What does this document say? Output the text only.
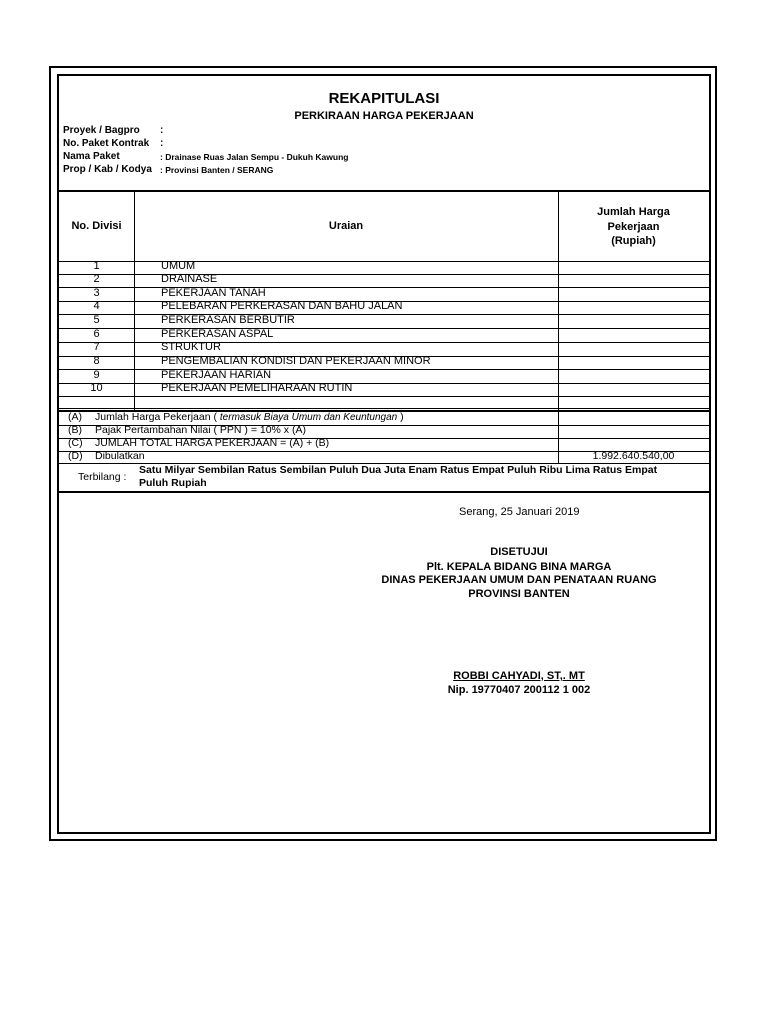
REKAPITULASI
PERKIRAAN HARGA PEKERJAAN
Proyek / Bagpro :
No. Paket Kontrak :
Nama Paket	: Drainase Ruas Jalan Sempu - Dukuh Kawung
Prop / Kab / Kodya : Provinsi Banten / SERANG
No. Divisi	Uraian
Jumlah Harga
Pekerjaan
(Rupiah)
1	UMUM
2	DRAINASE
3	PEKERJAAN TANAH
4	PELEBARAN PERKERASAN DAN BAHU JALAN
5	PERKERASAN BERBUTIR
6	PERKERASAN ASPAL
7	STRUKTUR
8	PENGEMBALIAN KONDISI DAN PEKERJAAN MINOR
9	PEKERJAAN HARIAN
10	PEKERJAAN PEMELIHARAAN RUTIN
(A) Jumlah Harga Pekerjaan ( termasuk Biaya Umum dan Keuntungan )
(B) Pajak Pertambahan Nilai ( PPN ) = 10% x (A)
(C) JUMLAH TOTAL HARGA PEKERJAAN = (A) + (B)
(D) Dibulatkan	1.992.640.540,00
Terbilang :
Satu Milyar Sembilan Ratus Sembilan Puluh Dua Juta Enam Ratus Empat Puluh Ribu Lima Ratus Empat
Puluh Rupiah
Serang, 25 Januari 2019
DISETUJUI
Plt. KEPALA BIDANG BINA MARGA
DINAS PEKERJAAN UMUM DAN PENATAAN RUANG
PROVINSI BANTEN
ROBBI CAHYADI, ST,. MT
Nip. 19770407 200112 1 002
